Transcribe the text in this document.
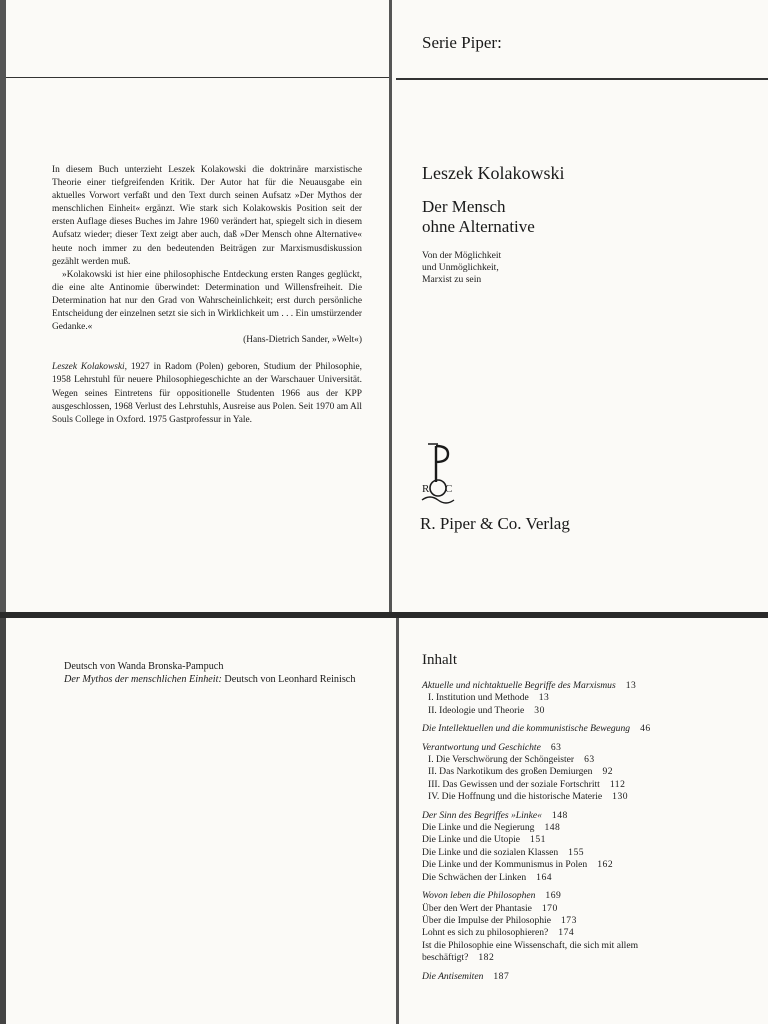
In diesem Buch unterzieht Leszek Kolakowski die doktrinäre marxistische Theorie einer tiefgreifenden Kritik. Der Autor hat für die Neuausgabe ein aktuelles Vorwort verfaßt und den Text durch seinen Aufsatz »Der Mythos der menschlichen Einheit« ergänzt. Wie stark sich Kolakowskis Position seit der ersten Auflage dieses Buches im Jahre 1960 verändert hat, spiegelt sich in diesem Aufsatz wieder; dieser Text zeigt aber auch, daß »Der Mensch ohne Alternative« heute noch immer zu den bedeutenden Beiträgen zur Marxismusdiskussion gezählt werden muß.

»Kolakowski ist hier eine philosophische Entdeckung ersten Ranges geglückt, die eine alte Antinomie überwindet: Determination und Willensfreiheit. Die Determination hat nur den Grad von Wahrscheinlichkeit; erst durch persönliche Entscheidung der einzelnen setzt sie sich in Wirklichkeit um . . . Ein umstürzender Gedanke.«

(Hans-Dietrich Sander, »Welt«)

Leszek Kolakowski, 1927 in Radom (Polen) geboren, Studium der Philosophie, 1958 Lehrstuhl für neuere Philosophiegeschichte an der Warschauer Universität. Wegen seines Eintretens für oppositionelle Studenten 1966 aus der KPP ausgeschlossen, 1968 Verlust des Lehrstuhls, Ausreise aus Polen. Seit 1970 am All Souls College in Oxford. 1975 Gastprofessur in Yale.

Serie Piper:
Leszek Kolakowski
Der Mensch
ohne Alternative
Von der Möglichkeit
und Unmöglichkeit,
Marxist zu sein
R C
R. Piper & Co. Verlag
Deutsch von Wanda Bronska-Pampuch
Der Mythos der menschlichen Einheit: Deutsch von Leonhard Reinisch
Inhalt
Aktuelle und nichtaktuelle Begriffe des Marxismus 13
I. Institution und Methode 13
II. Ideologie und Theorie 30
Die Intellektuellen und die kommunistische Bewegung 46
Verantwortung und Geschichte 63
I. Die Verschwörung der Schöngeister 63
II. Das Narkotikum des großen Demiurgen 92
III. Das Gewissen und der soziale Fortschritt 112
IV. Die Hoffnung und die historische Materie 130
Der Sinn des Begriffes »Linke« 148
Die Linke und die Negierung 148
Die Linke und die Utopie 151
Die Linke und die sozialen Klassen 155
Die Linke und der Kommunismus in Polen 162
Die Schwächen der Linken 164
Wovon leben die Philosophen 169
Über den Wert der Phantasie 170
Über die Impulse der Philosophie 173
Lohnt es sich zu philosophieren? 174
Ist die Philosophie eine Wissenschaft, die sich mit allem
beschäftigt? 182
Die Antisemiten 187
